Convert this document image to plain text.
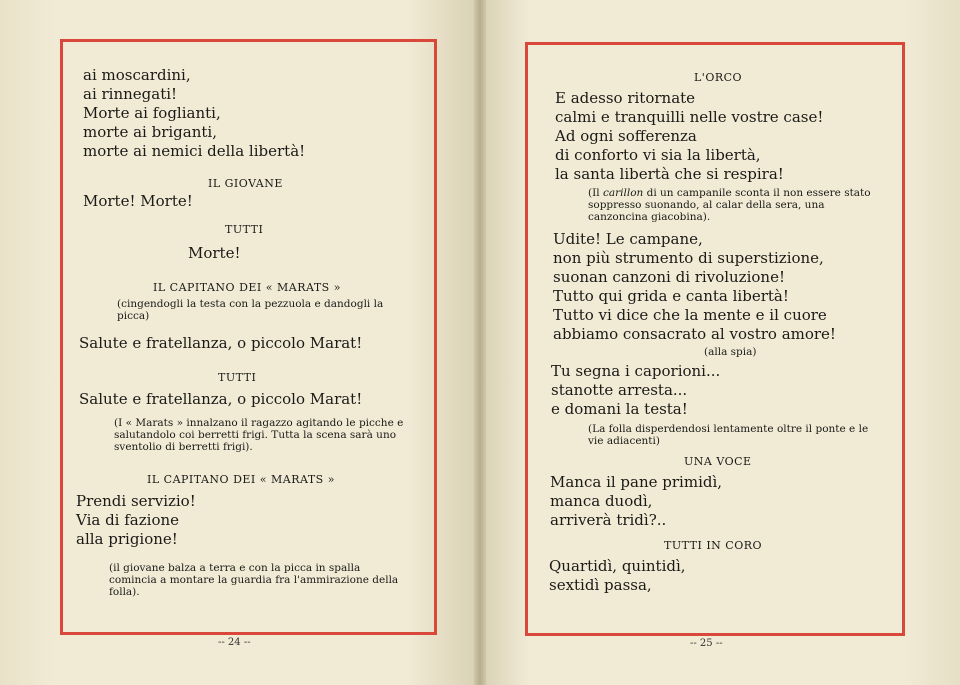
ai moscardini,
ai rinnegati!
Morte ai foglianti,
morte ai briganti,
morte ai nemici della libertà!
IL GIOVANE
Morte! Morte!
TUTTI
Morte!
IL CAPITANO DEI « MARATS »
(cingendogli la testa con la pezzuola e dandogli la picca)
Salute e fratellanza, o piccolo Marat!
TUTTI
Salute e fratellanza, o piccolo Marat!
(I « Marats » innalzano il ragazzo agitando le picche e salutandolo coi berretti frigi. Tutta la scena sarà uno sventolio di berretti frigi).
IL CAPITANO DEI « MARATS »
Prendi servizio!
Via di fazione
alla prigione!
(il giovane balza a terra e con la picca in spalla comincia a montare la guardia fra l'ammirazione della folla).
-- 24 --
L'ORCO
E adesso ritornate
calmi e tranquilli nelle vostre case!
Ad ogni sofferenza
di conforto vi sia la libertà,
la santa libertà che si respira!
(Il carillon di un campanile sconta il non essere stato soppresso suonando, al calar della sera, una canzoncina giacobina).
Udite! Le campane,
non più strumento di superstizione,
suonan canzoni di rivoluzione!
Tutto qui grida e canta libertà!
Tutto vi dice che la mente e il cuore
abbiamo consacrato al vostro amore!
(alla spia)
Tu segna i caporioni...
stanotte arresta...
e domani la testa!
(La folla disperdendosi lentamente oltre il ponte e le vie adiacenti)
UNA VOCE
Manca il pane primidì,
manca duodì,
arriverà tridì?..
TUTTI IN CORO
Quartidì, quintidì,
sextidì passa,
-- 25 --
